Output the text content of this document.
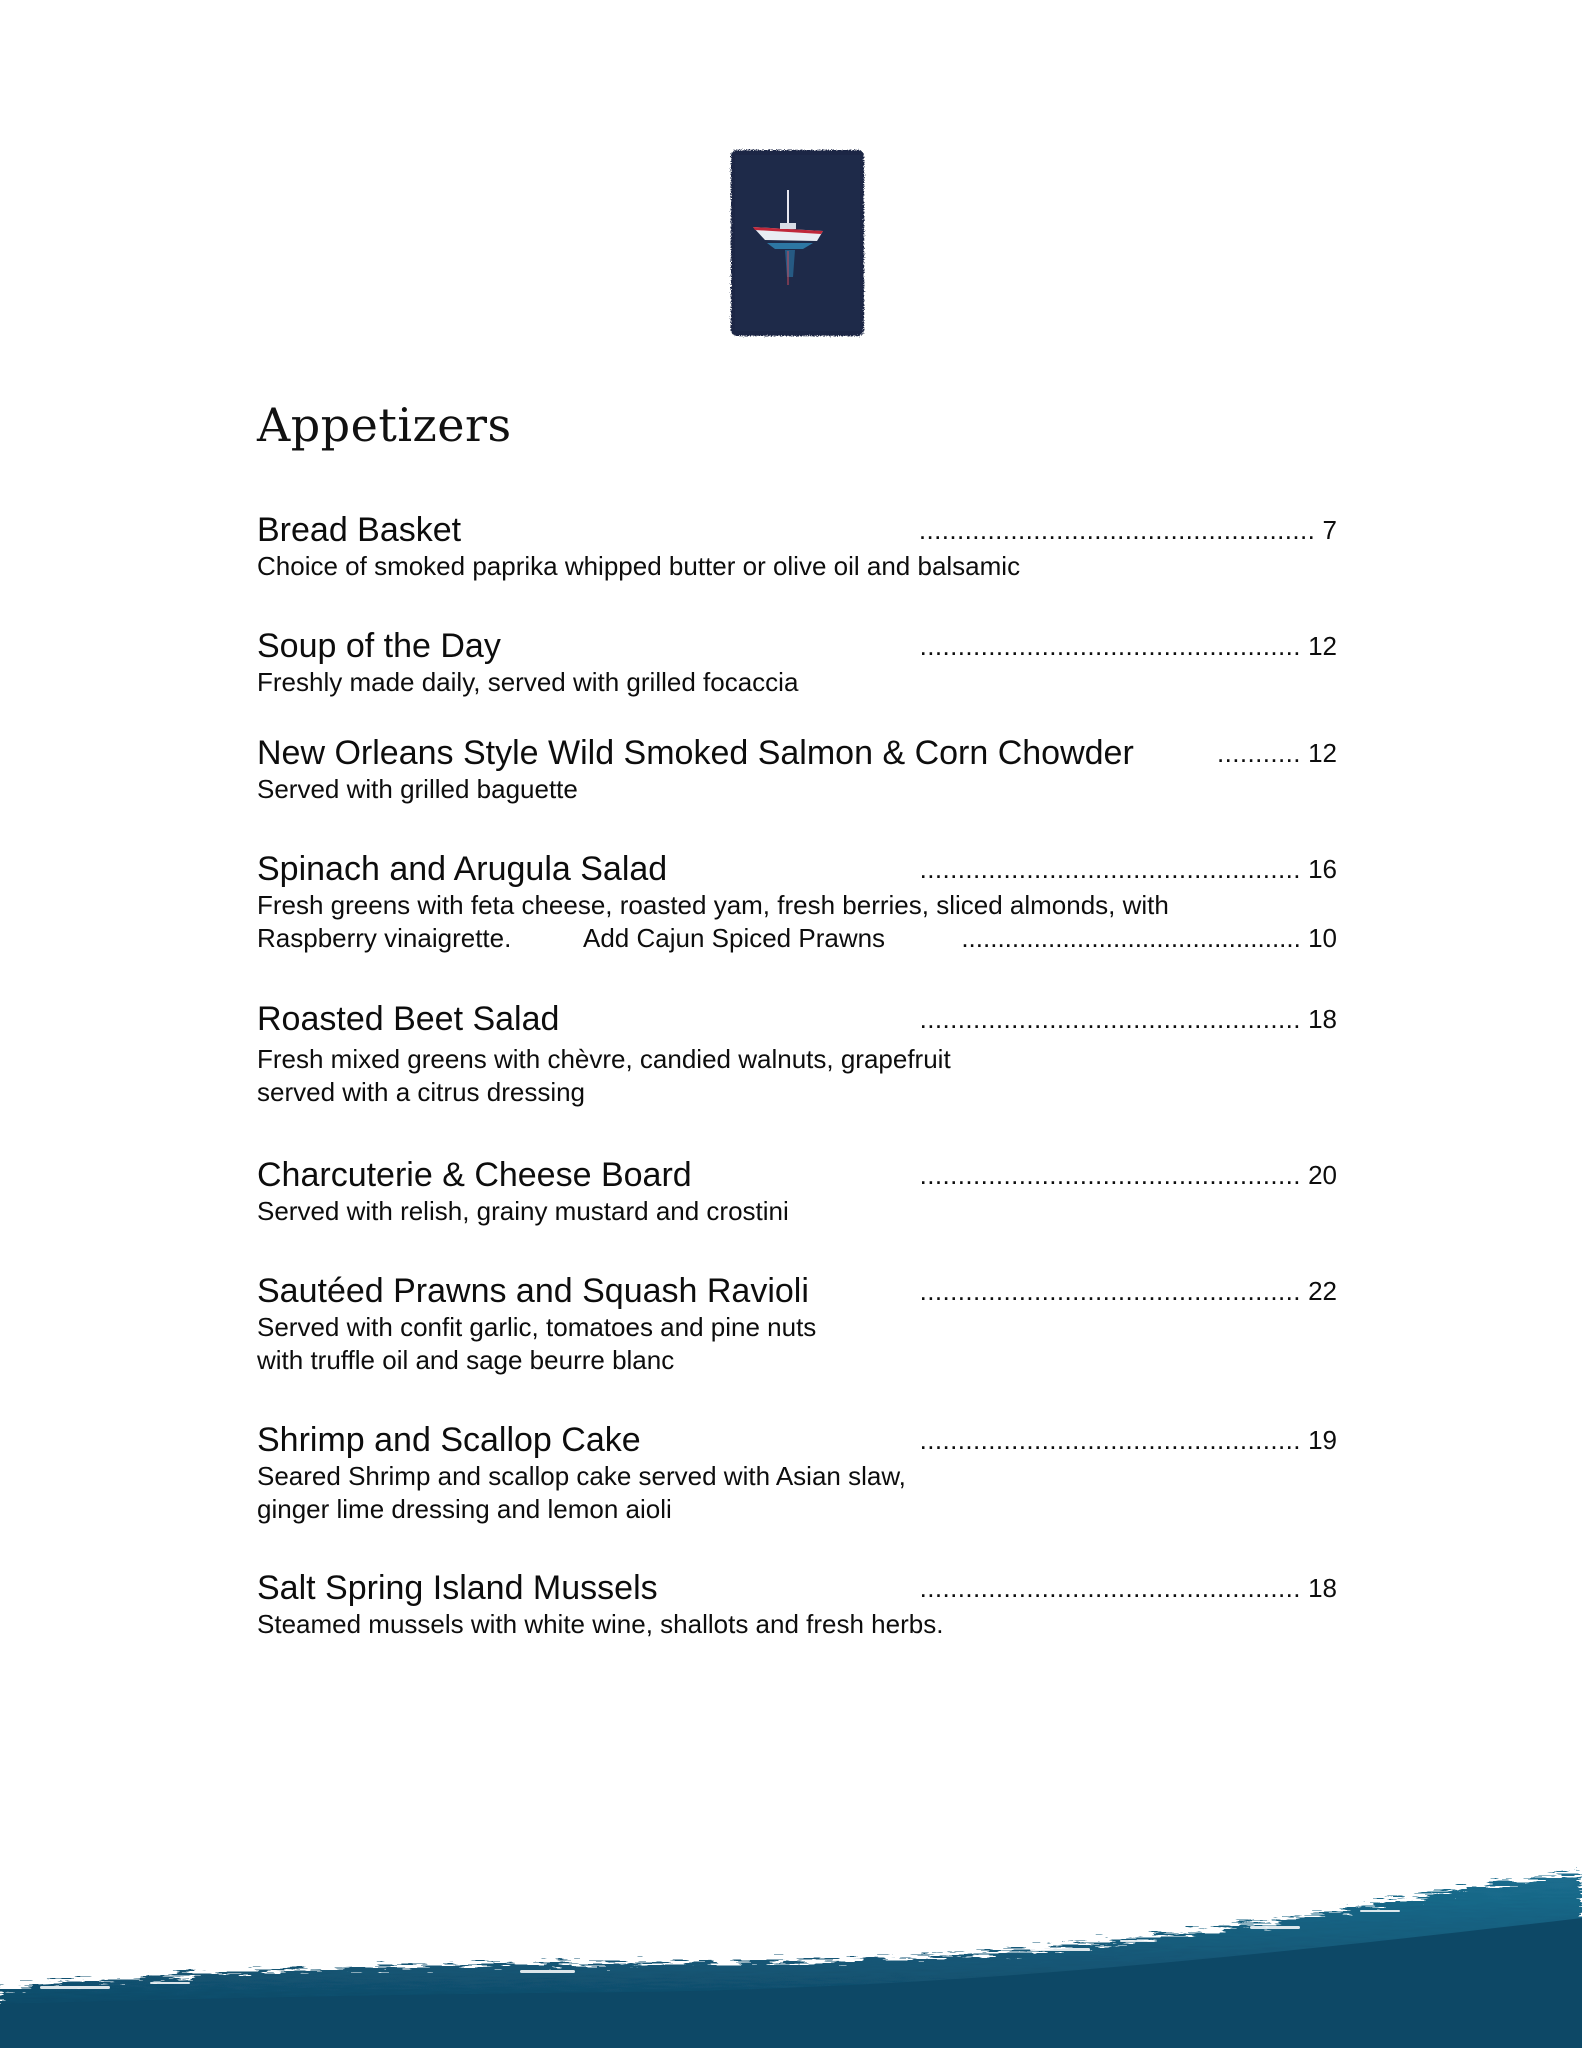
Appetizers
Bread Basket	.................................................... 7
Choice of smoked paprika whipped butter or olive oil and balsamic
Soup of the Day	.................................................. 12
Freshly made daily, served with grilled focaccia
New Orleans Style Wild Smoked Salmon & Corn Chowder	........... 12
Served with grilled baguette
Spinach and Arugula Salad	.................................................. 16
Fresh greens with feta cheese, roasted yam, fresh berries, sliced almonds, with
Raspberry vinaigrette.	Add Cajun Spiced Prawns	............................................... 10
Roasted Beet Salad	.................................................. 18
Fresh mixed greens with chèvre, candied walnuts, grapefruit
served with a citrus dressing
Charcuterie & Cheese Board	.................................................. 20
Served with relish, grainy mustard and crostini
Sautéed Prawns and Squash Ravioli	.................................................. 22
Served with confit garlic, tomatoes and pine nuts
with truffle oil and sage beurre blanc
Shrimp and Scallop Cake	.................................................. 19
Seared Shrimp and scallop cake served with Asian slaw,
ginger lime dressing and lemon aioli
Salt Spring Island Mussels	.................................................. 18
Steamed mussels with white wine, shallots and fresh herbs.
